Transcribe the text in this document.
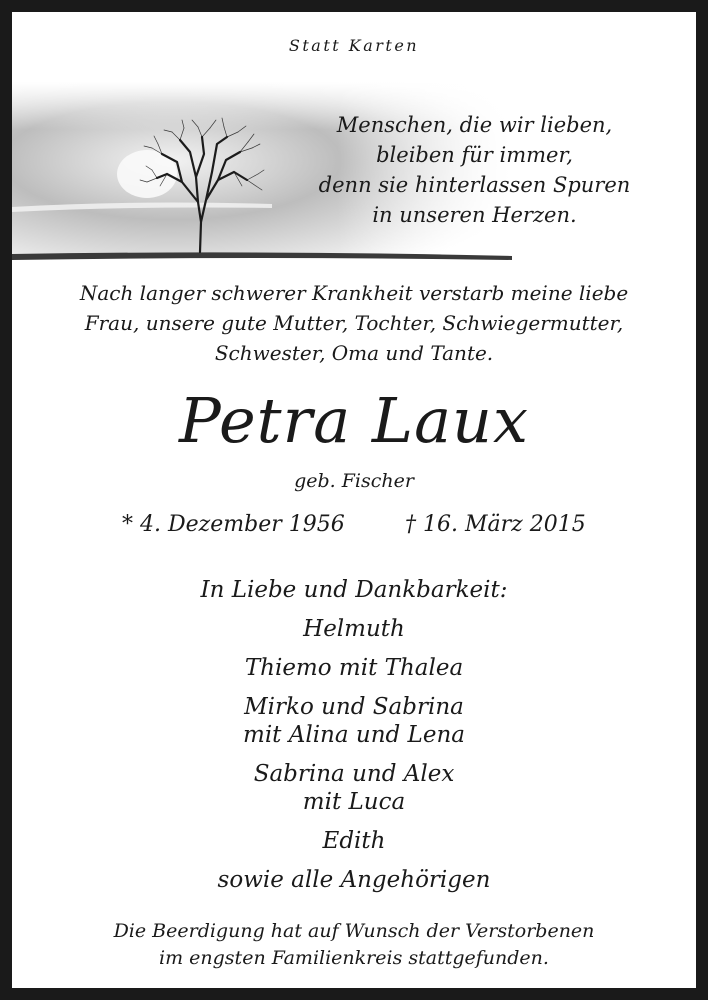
Statt Karten
Menschen, die wir lieben,
bleiben für immer,
denn sie hinterlassen Spuren
in unseren Herzen.
Nach langer schwerer Krankheit verstarb meine liebe
Frau, unsere gute Mutter, Tochter, Schwiegermutter,
Schwester, Oma und Tante.
Petra Laux
geb. Fischer
* 4. Dezember 1956	† 16. März 2015
In Liebe und Dankbarkeit:
Helmuth
Thiemo mit Thalea
Mirko und Sabrina
mit Alina und Lena
Sabrina und Alex
mit Luca
Edith
sowie alle Angehörigen
Die Beerdigung hat auf Wunsch der Verstorbenen
im engsten Familienkreis stattgefunden.
